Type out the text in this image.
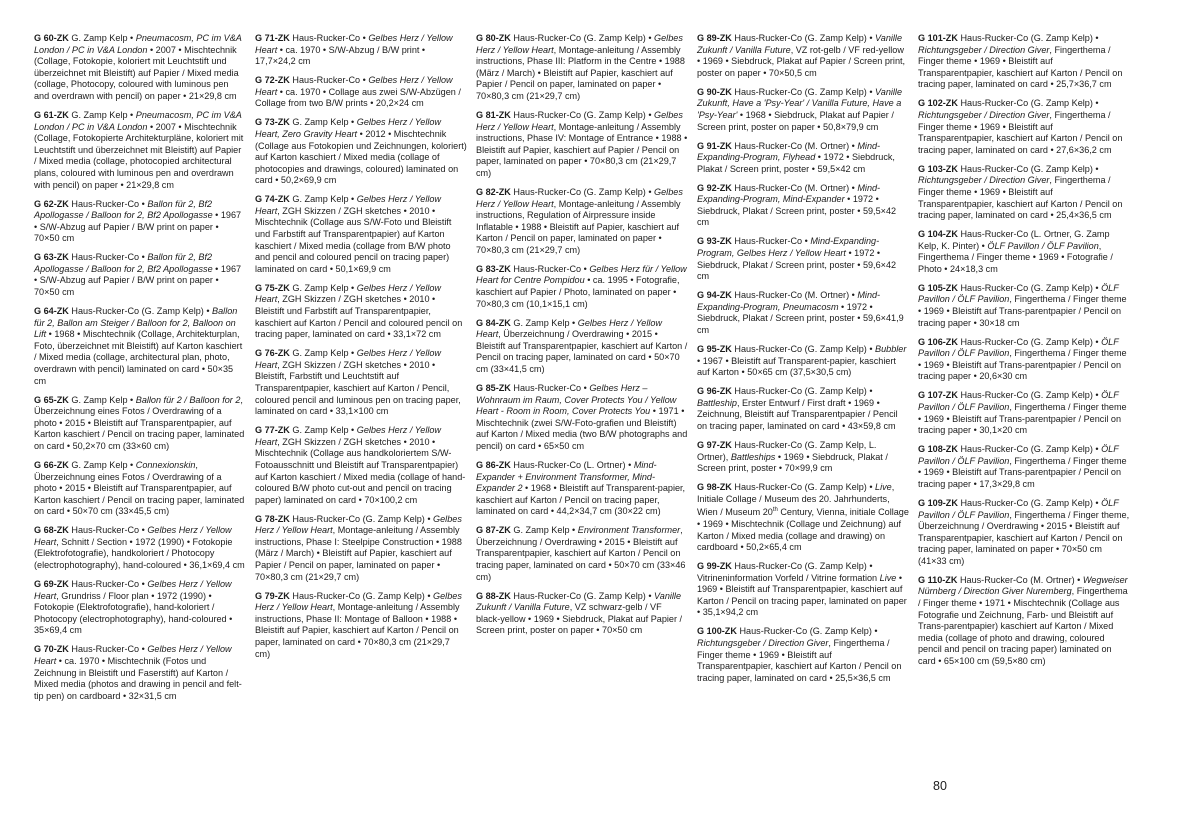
G 60-ZK G. Zamp Kelp • Pneumacosm, PC im V&A London / PC in V&A London • 2007 • Mischtechnik (Collage, Fotokopie, koloriert mit Leuchtstift und überzeichnet mit Bleistift) auf Papier / Mixed media (collage, Photocopy, coloured with luminous pen and overdrawn with pencil) on paper • 21×29,8 cm
G 61-ZK G. Zamp Kelp • Pneumacosm, PC im V&A London / PC in V&A London • 2007 • Mischtechnik (Collage, Fotokopierte Architekturpläne, koloriert mit Leuchtstift und überzeichnet mit Bleistift) auf Papier / Mixed media (collage, photocopied architectural plans, coloured with luminous pen and overdrawn with pencil) on paper • 21×29,8 cm
G 62-ZK Haus-Rucker-Co • Ballon für 2, Bf2 Apollogasse / Balloon for 2, Bf2 Apollogasse • 1967 • S/W-Abzug auf Papier / B/W print on paper • 70×50 cm
G 63-ZK Haus-Rucker-Co • Ballon für 2, Bf2 Apollogasse / Balloon for 2, Bf2 Apollogasse • 1967 • S/W-Abzug auf Papier / B/W print on paper • 70×50 cm
G 64-ZK Haus-Rucker-Co (G. Zamp Kelp) • Ballon für 2, Ballon am Steiger / Balloon for 2, Balloon on Lift • 1968 • Mischtechnik (Collage, Architekturplan, Foto, überzeichnet mit Bleistift) auf Karton kaschiert / Mixed media (collage, architectural plan, photo, overdrawn with pencil) laminated on card • 50×35 cm
G 65-ZK G. Zamp Kelp • Ballon für 2 / Balloon for 2, Überzeichnung eines Fotos / Overdrawing of a photo • 2015 • Bleistift auf Transparentpapier, auf Karton kaschiert / Pencil on tracing paper, laminated on card • 50,2×70 cm (33×60 cm)
G 66-ZK G. Zamp Kelp • Connexionskin, Überzeichnung eines Fotos / Overdrawing of a photo • 2015 • Bleistift auf Transparentpapier, auf Karton kaschiert / Pencil on tracing paper, laminated on card • 50×70 cm (33×45,5 cm)
G 68-ZK Haus-Rucker-Co • Gelbes Herz / Yellow Heart, Schnitt / Section • 1972 (1990) • Fotokopie (Elektrofotografie), handkoloriert / Photocopy (electrophotography), hand-coloured • 36,1×69,4 cm
G 69-ZK Haus-Rucker-Co • Gelbes Herz / Yellow Heart, Grundriss / Floor plan • 1972 (1990) • Fotokopie (Elektrofotografie), hand-koloriert / Photocopy (electrophotography), hand-coloured • 35×69,4 cm
G 70-ZK Haus-Rucker-Co • Gelbes Herz / Yellow Heart • ca. 1970 • Mischtechnik (Fotos und Zeichnung in Bleistift und Faserstift) auf Karton / Mixed media (photos and drawing in pencil and felt-tip pen) on cardboard • 32×31,5 cm
G 71-ZK Haus-Rucker-Co • Gelbes Herz / Yellow Heart • ca. 1970 • S/W-Abzug / B/W print • 17,7×24,2 cm
G 72-ZK Haus-Rucker-Co • Gelbes Herz / Yellow Heart • ca. 1970 • Collage aus zwei S/W-Abzügen / Collage from two B/W prints • 20,2×24 cm
G 73-ZK G. Zamp Kelp • Gelbes Herz / Yellow Heart, Zero Gravity Heart • 2012 • Mischtechnik (Collage aus Fotokopien und Zeichnungen, koloriert) auf Karton kaschiert / Mixed media (collage of photocopies and drawings, coloured) laminated on card • 50,2×69,9 cm
G 74-ZK G. Zamp Kelp • Gelbes Herz / Yellow Heart, ZGH Skizzen / ZGH sketches • 2010 • Mischtechnik (Collage aus S/W-Foto und Bleistift und Farbstift auf Transparentpapier) auf Karton kaschiert / Mixed media (collage from B/W photo and pencil and coloured pencil on tracing paper) laminated on card • 50,1×69,9 cm
G 75-ZK G. Zamp Kelp • Gelbes Herz / Yellow Heart, ZGH Skizzen / ZGH sketches • 2010 • Bleistift und Farbstift auf Transparentpapier, kaschiert auf Karton / Pencil and coloured pencil on tracing paper, laminated on card • 33,1×72 cm
G 76-ZK G. Zamp Kelp • Gelbes Herz / Yellow Heart, ZGH Skizzen / ZGH sketches • 2010 • Bleistift, Farbstift und Leuchtstift auf Transparentpapier, kaschiert auf Karton / Pencil, coloured pencil and luminous pen on tracing paper, laminated on card • 33,1×100 cm
G 77-ZK G. Zamp Kelp • Gelbes Herz / Yellow Heart, ZGH Skizzen / ZGH sketches • 2010 • Mischtechnik (Collage aus handkoloriertem S/W-Fotoausschnitt und Bleistift auf Transparentpapier) auf Karton kaschiert / Mixed media (collage of hand-coloured B/W photo cut-out and pencil on tracing paper) laminated on card • 70×100,2 cm
G 78-ZK Haus-Rucker-Co (G. Zamp Kelp) • Gelbes Herz / Yellow Heart, Montage-anleitung / Assembly instructions, Phase I: Steelpipe Construction • 1988 (März / March) • Bleistift auf Papier, kaschiert auf Papier / Pencil on paper, laminated on paper • 70×80,3 cm (21×29,7 cm)
G 79-ZK Haus-Rucker-Co (G. Zamp Kelp) • Gelbes Herz / Yellow Heart, Montage-anleitung / Assembly instructions, Phase II: Montage of Balloon • 1988 • Bleistift auf Papier, kaschiert auf Karton / Pencil on paper, laminated on card • 70×80,3 cm (21×29,7 cm)
G 80-ZK Haus-Rucker-Co (G. Zamp Kelp) • Gelbes Herz / Yellow Heart, Montage-anleitung / Assembly instructions, Phase III: Platform in the Centre • 1988 (März / March) • Bleistift auf Papier, kaschiert auf Papier / Pencil on paper, laminated on paper • 70×80,3 cm (21×29,7 cm)
G 81-ZK Haus-Rucker-Co (G. Zamp Kelp) • Gelbes Herz / Yellow Heart, Montage-anleitung / Assembly instructions, Phase IV: Montage of Entrance • 1988 • Bleistift auf Papier, kaschiert auf Papier / Pencil on paper, laminated on paper • 70×80,3 cm (21×29,7 cm)
G 82-ZK Haus-Rucker-Co (G. Zamp Kelp) • Gelbes Herz / Yellow Heart, Montage-anleitung / Assembly instructions, Regulation of Airpressure inside Inflatable • 1988 • Bleistift auf Papier, kaschiert auf Karton / Pencil on paper, laminated on paper • 70×80,3 cm (21×29,7 cm)
G 83-ZK Haus-Rucker-Co • Gelbes Herz für / Yellow Heart for Centre Pompidou • ca. 1995 • Fotografie, kaschiert auf Papier / Photo, laminated on paper • 70×80,3 cm (10,1×15,1 cm)
G 84-ZK G. Zamp Kelp • Gelbes Herz / Yellow Heart, Überzeichnung / Overdrawing • 2015 • Bleistift auf Transparentpapier, kaschiert auf Karton / Pencil on tracing paper, laminated on card • 50×70 cm (33×41,5 cm)
G 85-ZK Haus-Rucker-Co • Gelbes Herz – Wohnraum im Raum, Cover Protects You / Yellow Heart - Room in Room, Cover Protects You • 1971 • Mischtechnik (zwei S/W-Foto-grafien und Bleistift) auf Karton / Mixed media (two B/W photographs and pencil) on card • 65×50 cm
G 86-ZK Haus-Rucker-Co (L. Ortner) • Mind-Expander + Environment Transformer, Mind-Expander 2 • 1968 • Bleistift auf Transparent-papier, kaschiert auf Karton / Pencil on tracing paper, laminated on card • 44,2×34,7 cm (30×22 cm)
G 87-ZK G. Zamp Kelp • Environment Transformer, Überzeichnung / Overdrawing • 2015 • Bleistift auf Transparentpapier, kaschiert auf Karton / Pencil on tracing paper, laminated on card • 50×70 cm (33×46 cm)
G 88-ZK Haus-Rucker-Co (G. Zamp Kelp) • Vanille Zukunft / Vanilla Future, VZ schwarz-gelb / VF black-yellow • 1969 • Siebdruck, Plakat auf Papier / Screen print, poster on paper • 70×50 cm
G 89-ZK Haus-Rucker-Co (G. Zamp Kelp) • Vanille Zukunft / Vanilla Future, VZ rot-gelb / VF red-yellow • 1969 • Siebdruck, Plakat auf Papier / Screen print, poster on paper • 70×50,5 cm
G 90-ZK Haus-Rucker-Co (G. Zamp Kelp) • Vanille Zukunft, Have a 'Psy-Year' / Vanilla Future, Have a 'Psy-Year' • 1968 • Siebdruck, Plakat auf Papier / Screen print, poster on paper • 50,8×79,9 cm
G 91-ZK Haus-Rucker-Co (M. Ortner) • Mind-Expanding-Program, Flyhead • 1972 • Siebdruck, Plakat / Screen print, poster • 59,5×42 cm
G 92-ZK Haus-Rucker-Co (M. Ortner) • Mind-Expanding-Program, Mind-Expander • 1972 • Siebdruck, Plakat / Screen print, poster • 59,5×42 cm
G 93-ZK Haus-Rucker-Co • Mind-Expanding-Program, Gelbes Herz / Yellow Heart • 1972 • Siebdruck, Plakat / Screen print, poster • 59,6×42 cm
G 94-ZK Haus-Rucker-Co (M. Ortner) • Mind-Expanding-Program, Pneumacosm • 1972 • Siebdruck, Plakat / Screen print, poster • 59,6×41,9 cm
G 95-ZK Haus-Rucker-Co (G. Zamp Kelp) • Bubbler • 1967 • Bleistift auf Transparent-papier, kaschiert auf Karton • 50×65 cm (37,5×30,5 cm)
G 96-ZK Haus-Rucker-Co (G. Zamp Kelp) • Battleship, Erster Entwurf / First draft • 1969 • Zeichnung, Bleistift auf Transparentpapier / Pencil on tracing paper, laminated on card • 43×59,8 cm
G 97-ZK Haus-Rucker-Co (G. Zamp Kelp, L. Ortner), Battleships • 1969 • Siebdruck, Plakat / Screen print, poster • 70×99,9 cm
G 98-ZK Haus-Rucker-Co (G. Zamp Kelp) • Live, Initiale Collage / Museum des 20. Jahrhunderts, Wien / Museum 20th Century, Vienna, initiale Collage • 1969 • Mischtechnik (Collage und Zeichnung) auf Karton / Mixed media (collage and drawing) on cardboard • 50,2×65,4 cm
G 99-ZK Haus-Rucker-Co (G. Zamp Kelp) • Vitrineninformation Vorfeld / Vitrine formation Live • 1969 • Bleistift auf Transparentpapier, kaschiert auf Karton / Pencil on tracing paper, laminated on paper • 35,1×94,2 cm
G 100-ZK Haus-Rucker-Co (G. Zamp Kelp) • Richtungsgeber / Direction Giver, Fingerthema / Finger theme • 1969 • Bleistift auf Transparentpapier, kaschiert auf Karton / Pencil on tracing paper, laminated on card • 25,5×36,5 cm
G 101-ZK Haus-Rucker-Co (G. Zamp Kelp) • Richtungsgeber / Direction Giver, Fingerthema / Finger theme • 1969 • Bleistift auf Transparentpapier, kaschiert auf Karton / Pencil on tracing paper, laminated on card • 25,7×36,7 cm
G 102-ZK Haus-Rucker-Co (G. Zamp Kelp) • Richtungsgeber / Direction Giver, Fingerthema / Finger theme • 1969 • Bleistift auf Transparentpapier, kaschiert auf Karton / Pencil on tracing paper, laminated on card • 27,6×36,2 cm
G 103-ZK Haus-Rucker-Co (G. Zamp Kelp) • Richtungsgeber / Direction Giver, Fingerthema / Finger theme • 1969 • Bleistift auf Transparentpapier, kaschiert auf Karton / Pencil on tracing paper, laminated on card • 25,4×36,5 cm
G 104-ZK Haus-Rucker-Co (L. Ortner, G. Zamp Kelp, K. Pinter) • ÖLF Pavillon / ÖLF Pavilion, Fingerthema / Finger theme • 1969 • Fotografie / Photo • 24×18,3 cm
G 105-ZK Haus-Rucker-Co (G. Zamp Kelp) • ÖLF Pavillon / ÖLF Pavilion, Fingerthema / Finger theme • 1969 • Bleistift auf Trans-parentpapier / Pencil on tracing paper • 30×18 cm
G 106-ZK Haus-Rucker-Co (G. Zamp Kelp) • ÖLF Pavillon / ÖLF Pavilion, Fingerthema / Finger theme • 1969 • Bleistift auf Trans-parentpapier / Pencil on tracing paper • 20,6×30 cm
G 107-ZK Haus-Rucker-Co (G. Zamp Kelp) • ÖLF Pavillon / ÖLF Pavilion, Fingerthema / Finger theme • 1969 • Bleistift auf Trans-parentpapier / Pencil on tracing paper • 30,1×20 cm
G 108-ZK Haus-Rucker-Co (G. Zamp Kelp) • ÖLF Pavillon / ÖLF Pavilion, Fingerthema / Finger theme • 1969 • Bleistift auf Trans-parentpapier / Pencil on tracing paper • 17,3×29,8 cm
G 109-ZK Haus-Rucker-Co (G. Zamp Kelp) • ÖLF Pavillon / ÖLF Pavilion, Fingerthema / Finger theme, Überzeichnung / Overdrawing • 2015 • Bleistift auf Transparentpapier, kaschiert auf Karton / Pencil on tracing paper, laminated on paper • 70×50 cm (41×33 cm)
G 110-ZK Haus-Rucker-Co (M. Ortner) • Wegweiser Nürnberg / Direction Giver Nuremberg, Fingerthema / Finger theme • 1971 • Mischtechnik (Collage aus Fotografie und Zeichnung, Farb- und Bleistift auf Trans-parentpapier) kaschiert auf Karton / Mixed media (collage of photo and drawing, coloured pencil and pencil on tracing paper) laminated on card • 65×100 cm (59,5×80 cm)
80
